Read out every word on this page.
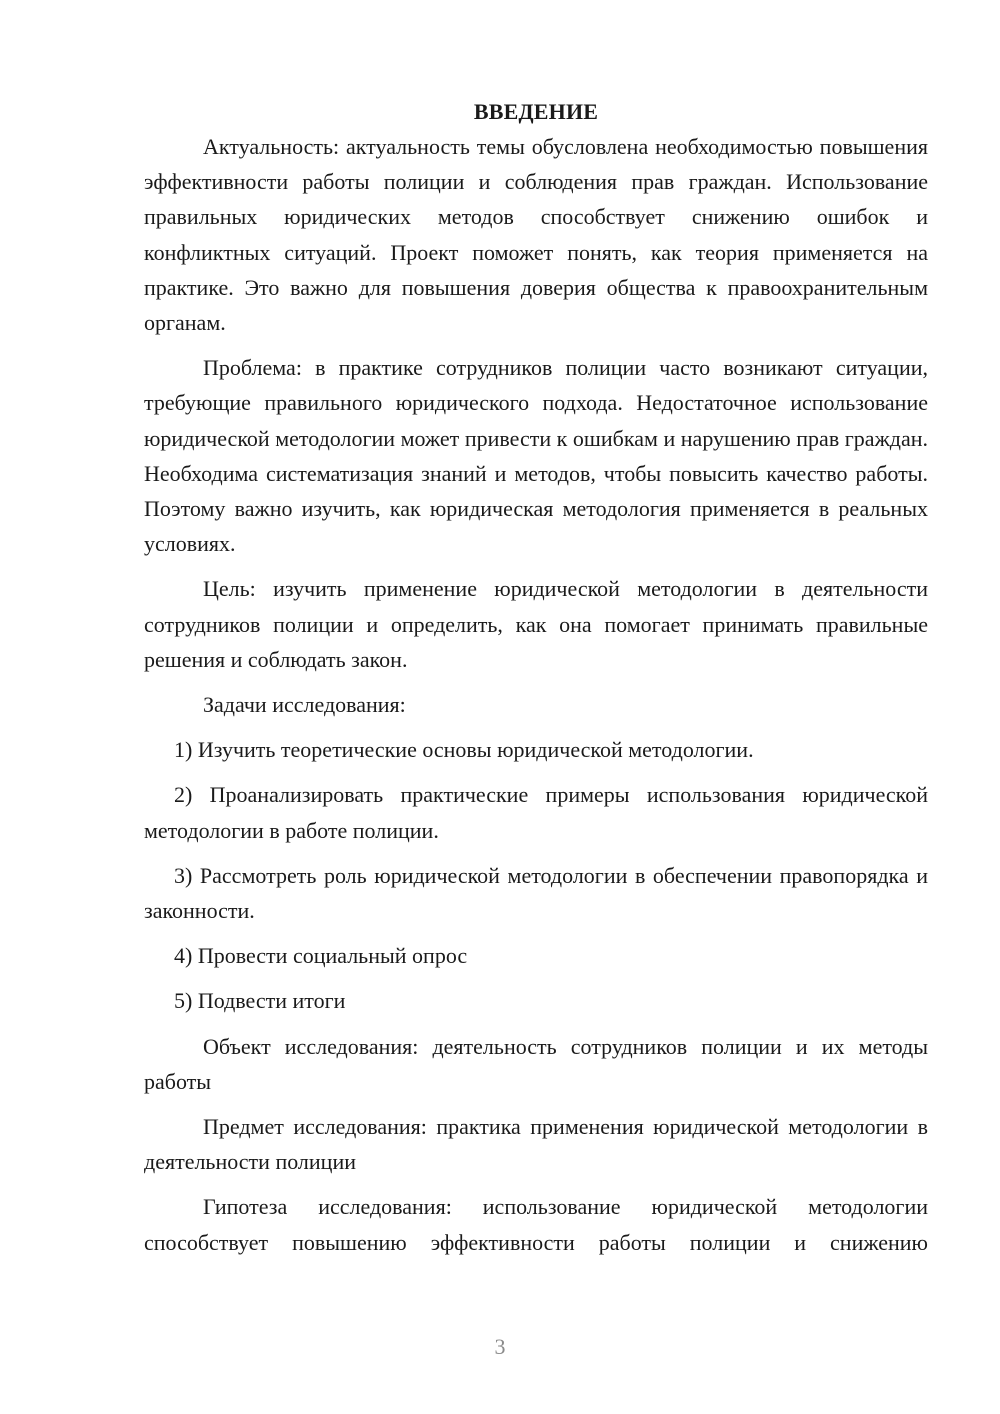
ВВЕДЕНИЕ

Актуальность: актуальность темы обусловлена необходимостью повышения эффективности работы полиции и соблюдения прав граждан. Использование правильных юридических методов способствует снижению ошибок и конфликтных ситуаций. Проект поможет понять, как теория применяется на практике. Это важно для повышения доверия общества к правоохранительным органам.

Проблема: в практике сотрудников полиции часто возникают ситуации, требующие правильного юридического подхода. Недостаточное использование юридической методологии может привести к ошибкам и нарушению прав граждан. Необходима систематизация знаний и методов, чтобы повысить качество работы. Поэтому важно изучить, как юридическая методология применяется в реальных условиях.

Цель: изучить применение юридической методологии в деятельности сотрудников полиции и определить, как она помогает принимать правильные решения и соблюдать закон.

Задачи исследования:

1) Изучить теоретические основы юридической методологии.

2) Проанализировать практические примеры использования юридической методологии в работе полиции.

3) Рассмотреть роль юридической методологии в обеспечении правопорядка и законности.

4) Провести социальный опрос

5) Подвести итоги

Объект исследования: деятельность сотрудников полиции и их методы работы

Предмет исследования: практика применения юридической методологии в деятельности полиции

Гипотеза исследования: использование юридической методологии способствует повышению эффективности работы полиции и снижению

3
